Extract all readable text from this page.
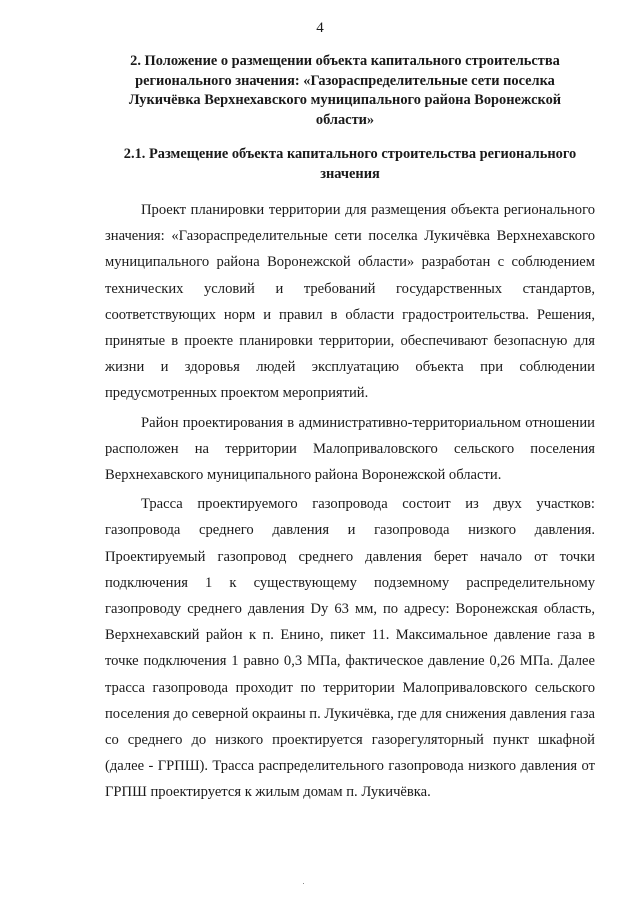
4
2. Положение о размещении объекта капитального строительства регионального значения: «Газораспределительные сети поселка Лукичёвка Верхнехавского муниципального района Воронежской области»
2.1. Размещение объекта капитального строительства регионального значения

Проект планировки территории для размещения объекта регионального значения: «Газораспределительные сети поселка Лукичёвка Верхнехавского муниципального района Воронежской области» разработан с соблюдением технических условий и требований государственных стандартов, соответствующих норм и правил в области градостроительства. Решения, принятые в проекте планировки территории, обеспечивают безопасную для жизни и здоровья людей эксплуатацию объекта при соблюдении предусмотренных проектом мероприятий.

Район проектирования в административно-территориальном отношении расположен на территории Малоприваловского сельского поселения Верхнехавского муниципального района Воронежской области.

Трасса проектируемого газопровода состоит из двух участков: газопровода среднего давления и газопровода низкого давления. Проектируемый газопровод среднего давления берет начало от точки подключения 1 к существующему подземному распределительному газопроводу среднего давления Dy 63 мм, по адресу: Воронежская область, Верхнехавский район к п. Енино, пикет 11. Максимальное давление газа в точке подключения 1 равно 0,3 МПа, фактическое давление 0,26 МПа. Далее трасса газопровода проходит по территории Малоприваловского сельского поселения до северной окраины п. Лукичёвка, где для снижения давления газа со среднего до низкого проектируется газорегуляторный пункт шкафной (далее - ГРПШ). Трасса распределительного газопровода низкого давления от ГРПШ проектируется к жилым домам п. Лукичёвка.
